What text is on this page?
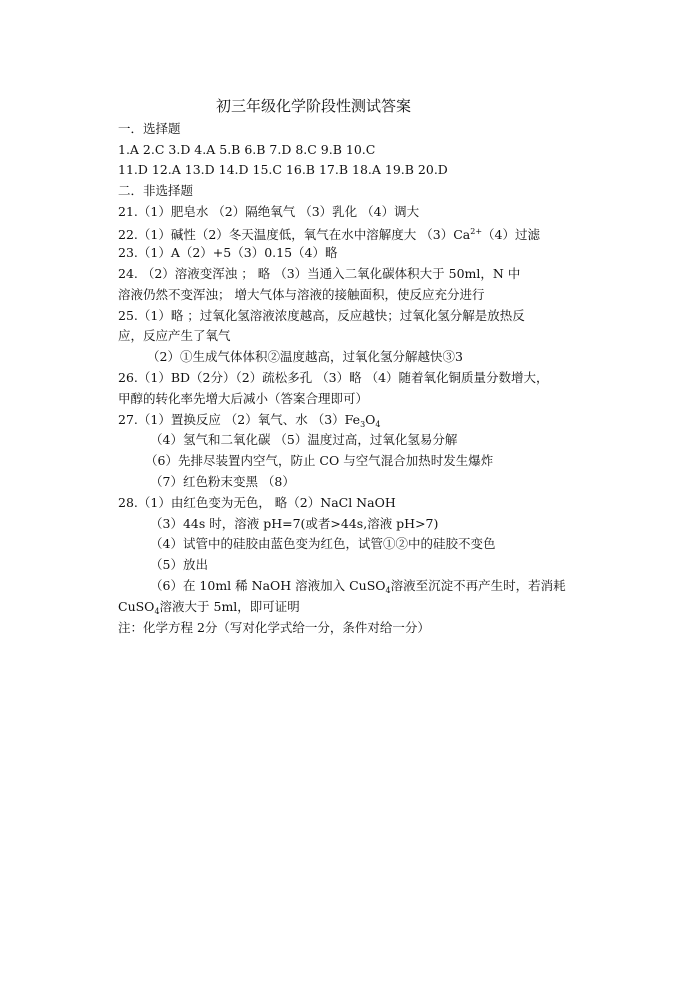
初三年级化学阶段性测试答案
一．选择题
1.A 2.C 3.D 4.A 5.B 6.B 7.D 8.C 9.B 10.C
11.D 12.A 13.D 14.D 15.C 16.B 17.B 18.A 19.B 20.D
二．非选择题
21.（1）肥皂水 （2）隔绝氧气 （3）乳化 （4）调大
22.（1）碱性（2）冬天温度低，氧气在水中溶解度大 $(3)Ca^{2+}(4)$过滤
23.（1）A（2）+5（3）0.15（4）略
24. （2）溶液变浑浊 ； 略 （3）当通入二氧化碳体积大于 50ml，N 中
溶液仍然不变浑浊； 增大气体与溶液的接触面积，使反应充分进行
25.（1）略 ；过氧化氢溶液浓度越高，反应越快；过氧化氢分解是放热反
应，反应产生了氧气
（2）①生成气体体积②温度越高，过氧化氢分解越快③3
26.（1）BD（2分）（2）疏松多孔 （3）略 （4）随着氧化铜质量分数增大，
甲醇的转化率先增大后减小（答案合理即可）
27.（1）置换反应 （2）氧气、水 $(3)Fe_3O_4$
（4）氢气和二氧化碳 （5）温度过高，过氧化氢易分解
（6）先排尽装置内空气，防止 CO 与空气混合加热时发生爆炸
（7）红色粉末变黑 （8）
28.（1）由红色变为无色， 略（2）NaCl NaOH
（3）44s 时，溶液 pH=7(或者>44s,溶液 pH>7)
（4）试管中的硅胶由蓝色变为红色，试管①②中的硅胶不变色
（5）放出
（6）在 10ml 稀 NaOH 溶液加入 CuSO$_4$溶液至沉淀不再产生时，若消耗
CuSO$_4$溶液大于 5ml，即可证明
注：化学方程 2分（写对化学式给一分，条件对给一分）
